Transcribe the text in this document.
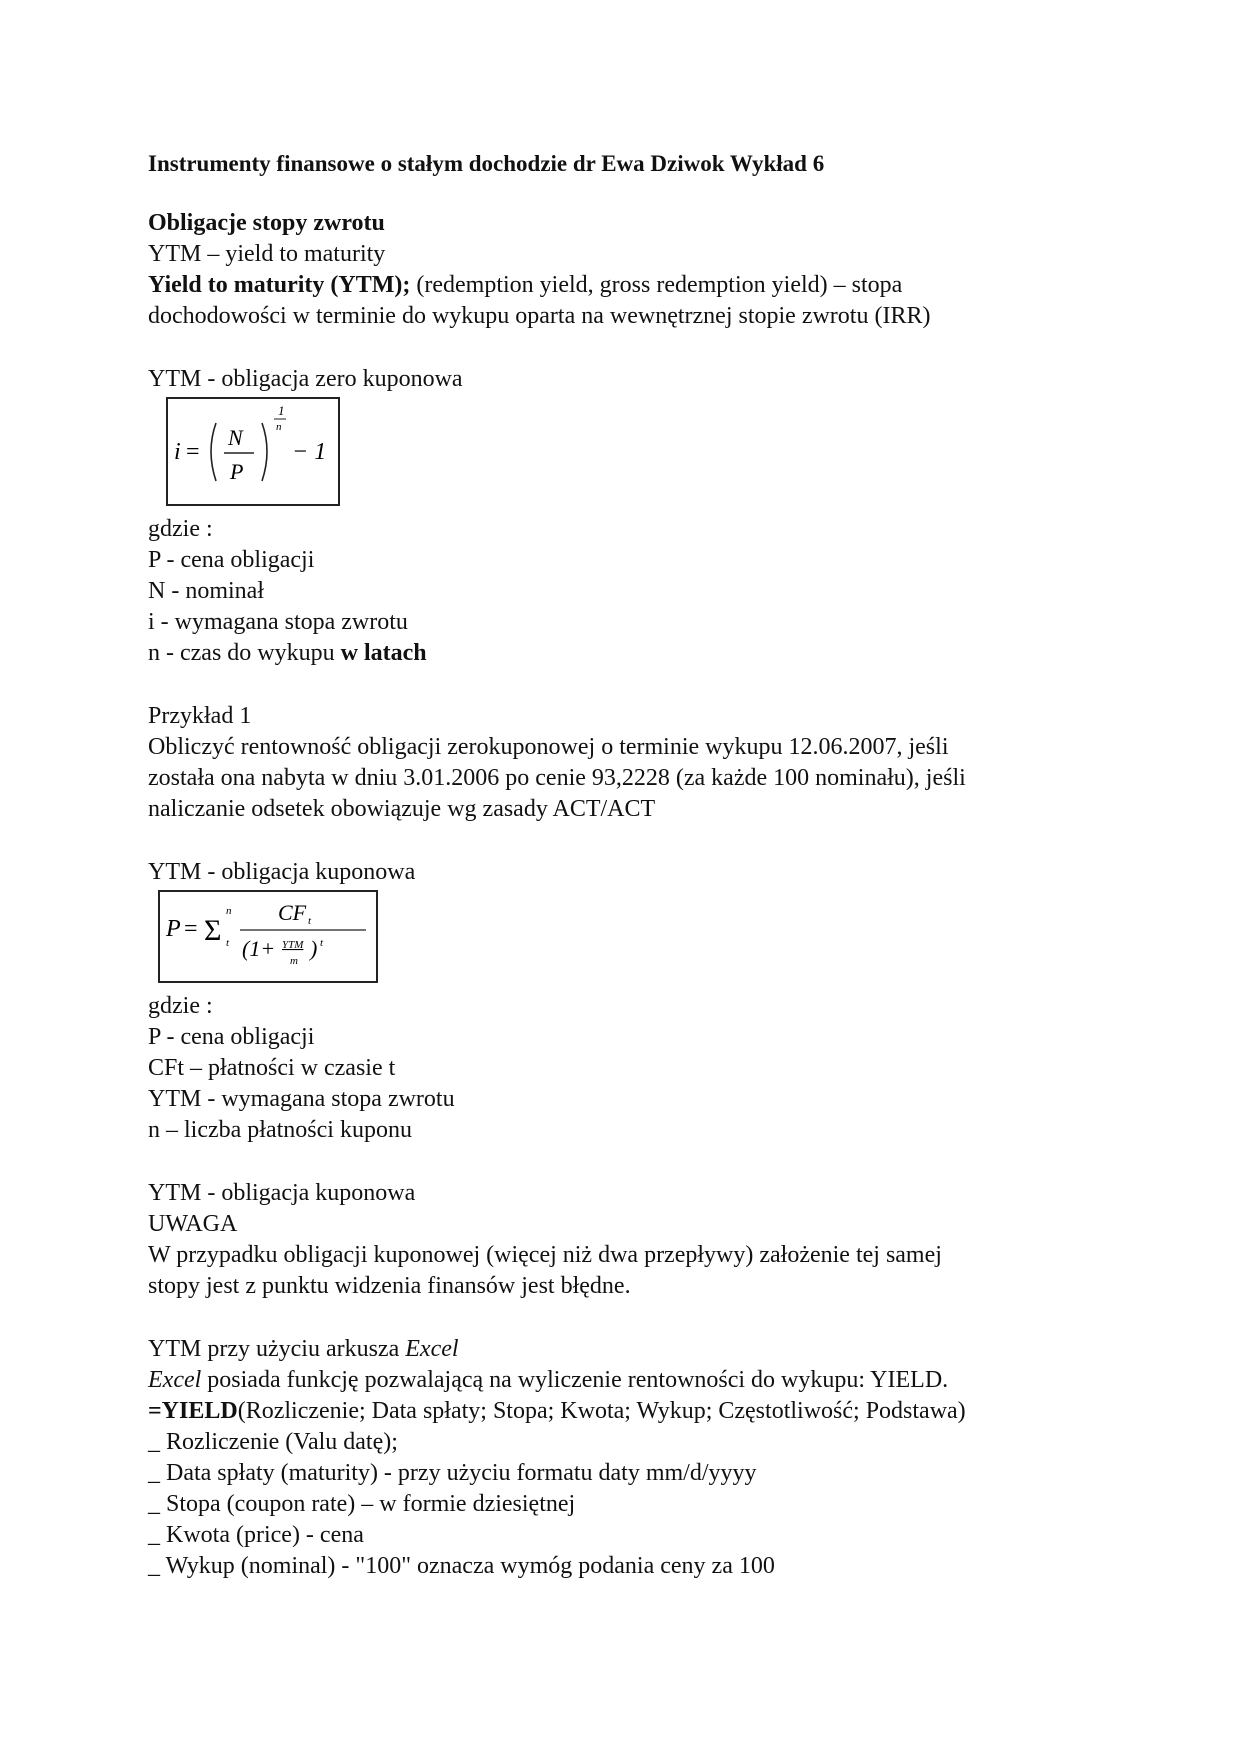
Instrumenty finansowe o stałym dochodzie dr Ewa Dziwok Wykład 6
Obligacje stopy zwrotu
YTM – yield to maturity
Yield to maturity (YTM); (redemption yield, gross redemption yield) – stopa
dochodowości w terminie do wykupu oparta na wewnętrznej stopie zwrotu (IRR)
YTM - obligacja zero kuponowa
i =
N
P
1
n
− 1
gdzie :
P - cena obligacji
N - nominał
i - wymagana stopa zwrotu
n - czas do wykupu w latach
Przykład 1
Obliczyć rentowność obligacji zerokuponowej o terminie wykupu 12.06.2007, jeśli
została ona nabyta w dniu 3.01.2006 po cenie 93,2228 (za każde 100 nominału), jeśli
naliczanie odsetek obowiązuje wg zasady ACT/ACT
YTM - obligacja kuponowa
P = Σ
n
t
CF t
(1+ YTM
m ) t
gdzie :
P - cena obligacji
CFt – płatności w czasie t
YTM - wymagana stopa zwrotu
n – liczba płatności kuponu
YTM - obligacja kuponowa
UWAGA
W przypadku obligacji kuponowej (więcej niż dwa przepływy) założenie tej samej
stopy jest z punktu widzenia finansów jest błędne.
YTM przy użyciu arkusza Excel
Excel posiada funkcję pozwalającą na wyliczenie rentowności do wykupu: YIELD.
=YIELD(Rozliczenie; Data spłaty; Stopa; Kwota; Wykup; Częstotliwość; Podstawa)
_ Rozliczenie (Valu datę);
_ Data spłaty (maturity) - przy użyciu formatu daty mm/d/yyyy
_ Stopa (coupon rate) – w formie dziesiętnej
_ Kwota (price) - cena
_ Wykup (nominal) - "100" oznacza wymóg podania ceny za 100
